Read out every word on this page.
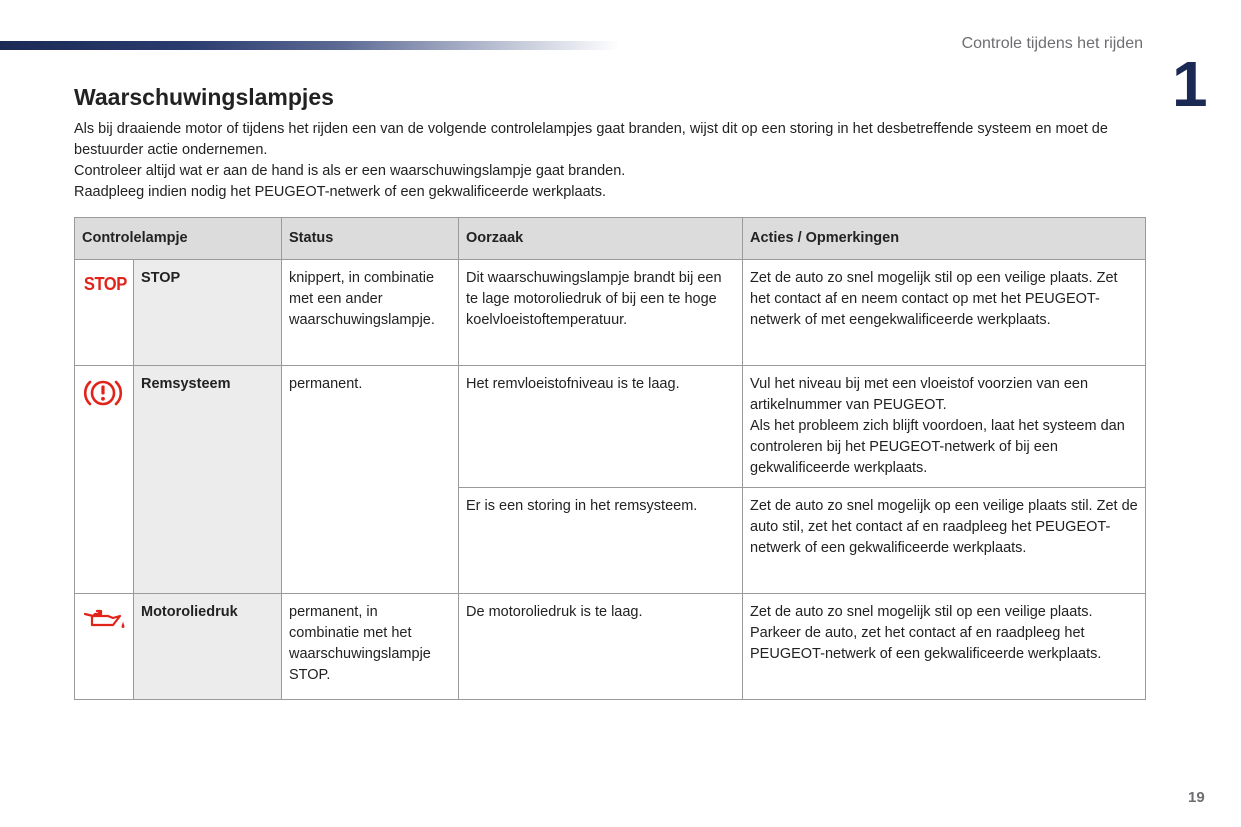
Controle tijdens het rijden
1
Waarschuwingslampjes

Als bij draaiende motor of tijdens het rijden een van de volgende controlelampjes gaat branden, wijst dit op een storing in het desbetreffende systeem en moet de bestuurder actie ondernemen.

Controleer altijd wat er aan de hand is als er een waarschuwingslampje gaat branden.

Raadpleeg indien nodig het PEUGEOT-netwerk of een gekwalificeerde werkplaats.

Controlelampje		Status	Oorzaak	Acties / Opmerkingen
STOP	STOP	knippert, in combinatie met een ander waarschuwingslampje.	Dit waarschuwingslampje brandt bij een te lage motoroliedruk of bij een te hoge koelvloeistoftemperatuur.	Zet de auto zo snel mogelijk stil op een veilige plaats. Zet het contact af en neem contact op met het PEUGEOT-netwerk of met eengekwalificeerde werkplaats.
	Remsysteem	permanent.	Het remvloeistofniveau is te laag.	Vul het niveau bij met een vloeistof voorzien van een artikelnummer van PEUGEOT.
Als het probleem zich blijft voordoen, laat het systeem dan controleren bij het PEUGEOT-netwerk of bij een gekwalificeerde werkplaats.
			Er is een storing in het remsysteem.	Zet de auto zo snel mogelijk op een veilige plaats stil. Zet de auto stil, zet het contact af en raadpleeg het PEUGEOT-netwerk of een gekwalificeerde werkplaats.
	Motoroliedruk	permanent, in combinatie met het waarschuwingslampje STOP.	De motoroliedruk is te laag.	Zet de auto zo snel mogelijk stil op een veilige plaats. Parkeer de auto, zet het contact af en raadpleeg het PEUGEOT-netwerk of een gekwalificeerde werkplaats.
19
